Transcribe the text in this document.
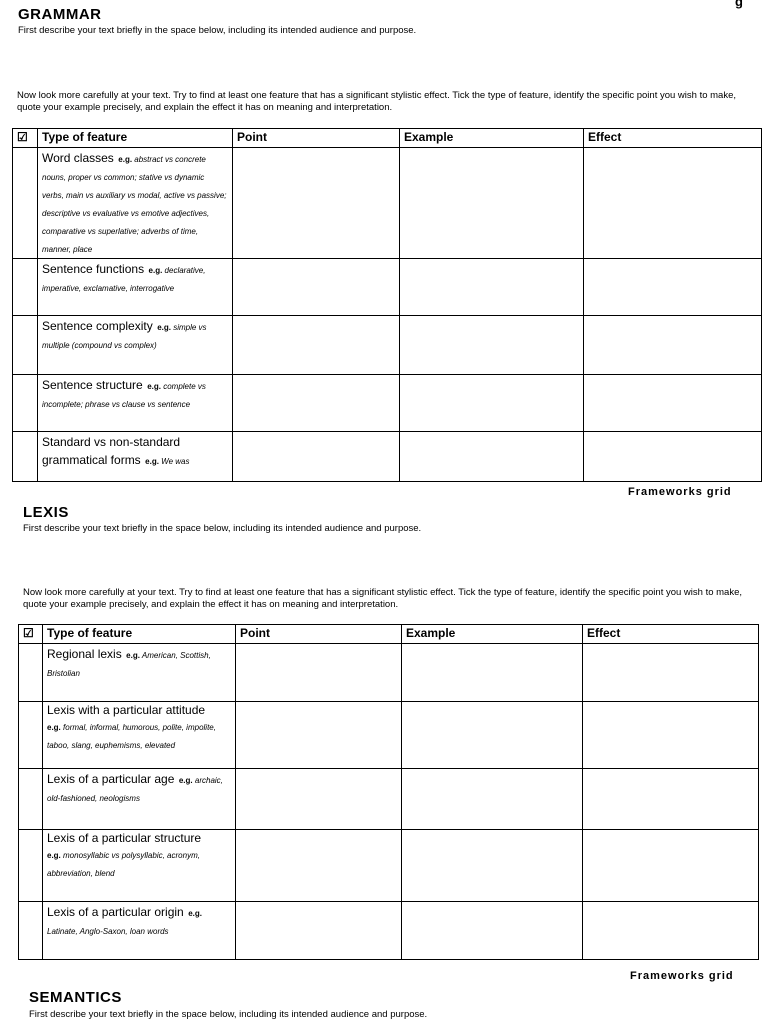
g
GRAMMAR
First describe your text briefly in the space below, including its intended audience and purpose.
Now look more carefully at your text. Try to find at least one feature that has a significant stylistic effect. Tick the type of feature, identify the specific point you wish to make, quote your example precisely, and explain the effect it has on meaning and interpretation.
☑	Type of feature	Point	Example	Effect
	Word classes e.g. abstract vs concrete nouns, proper vs common; stative vs dynamic verbs, main vs auxiliary vs modal, active vs passive; descriptive vs evaluative vs emotive adjectives, comparative vs superlative; adverbs of time, manner, place			
	Sentence functions e.g. declarative, imperative, exclamative, interrogative			
	Sentence complexity e.g. simple vs multiple (compound vs complex)			
	Sentence structure e.g. complete vs incomplete; phrase vs clause vs sentence			
	Standard vs non-standard grammatical forms e.g. We was			
Frameworks grid
LEXIS
First describe your text briefly in the space below, including its intended audience and purpose.
Now look more carefully at your text. Try to find at least one feature that has a significant stylistic effect. Tick the type of feature, identify the specific point you wish to make, quote your example precisely, and explain the effect it has on meaning and interpretation.
☑	Type of feature	Point	Example	Effect
	Regional lexis e.g. American, Scottish, Bristolian			

	Lexis with a particular attitude
e.g. formal, informal, humorous, polite, impolite, taboo, slang, euphemisms, elevated			
	Lexis of a particular age e.g. archaic, old-fashioned, neologisms			

	Lexis of a particular structure
e.g. monosyllabic vs polysyllabic, acronym, abbreviation, blend			
	Lexis of a particular origin e.g. Latinate, Anglo-Saxon, loan words			
Frameworks grid
SEMANTICS
First describe your text briefly in the space below, including its intended audience and purpose.
